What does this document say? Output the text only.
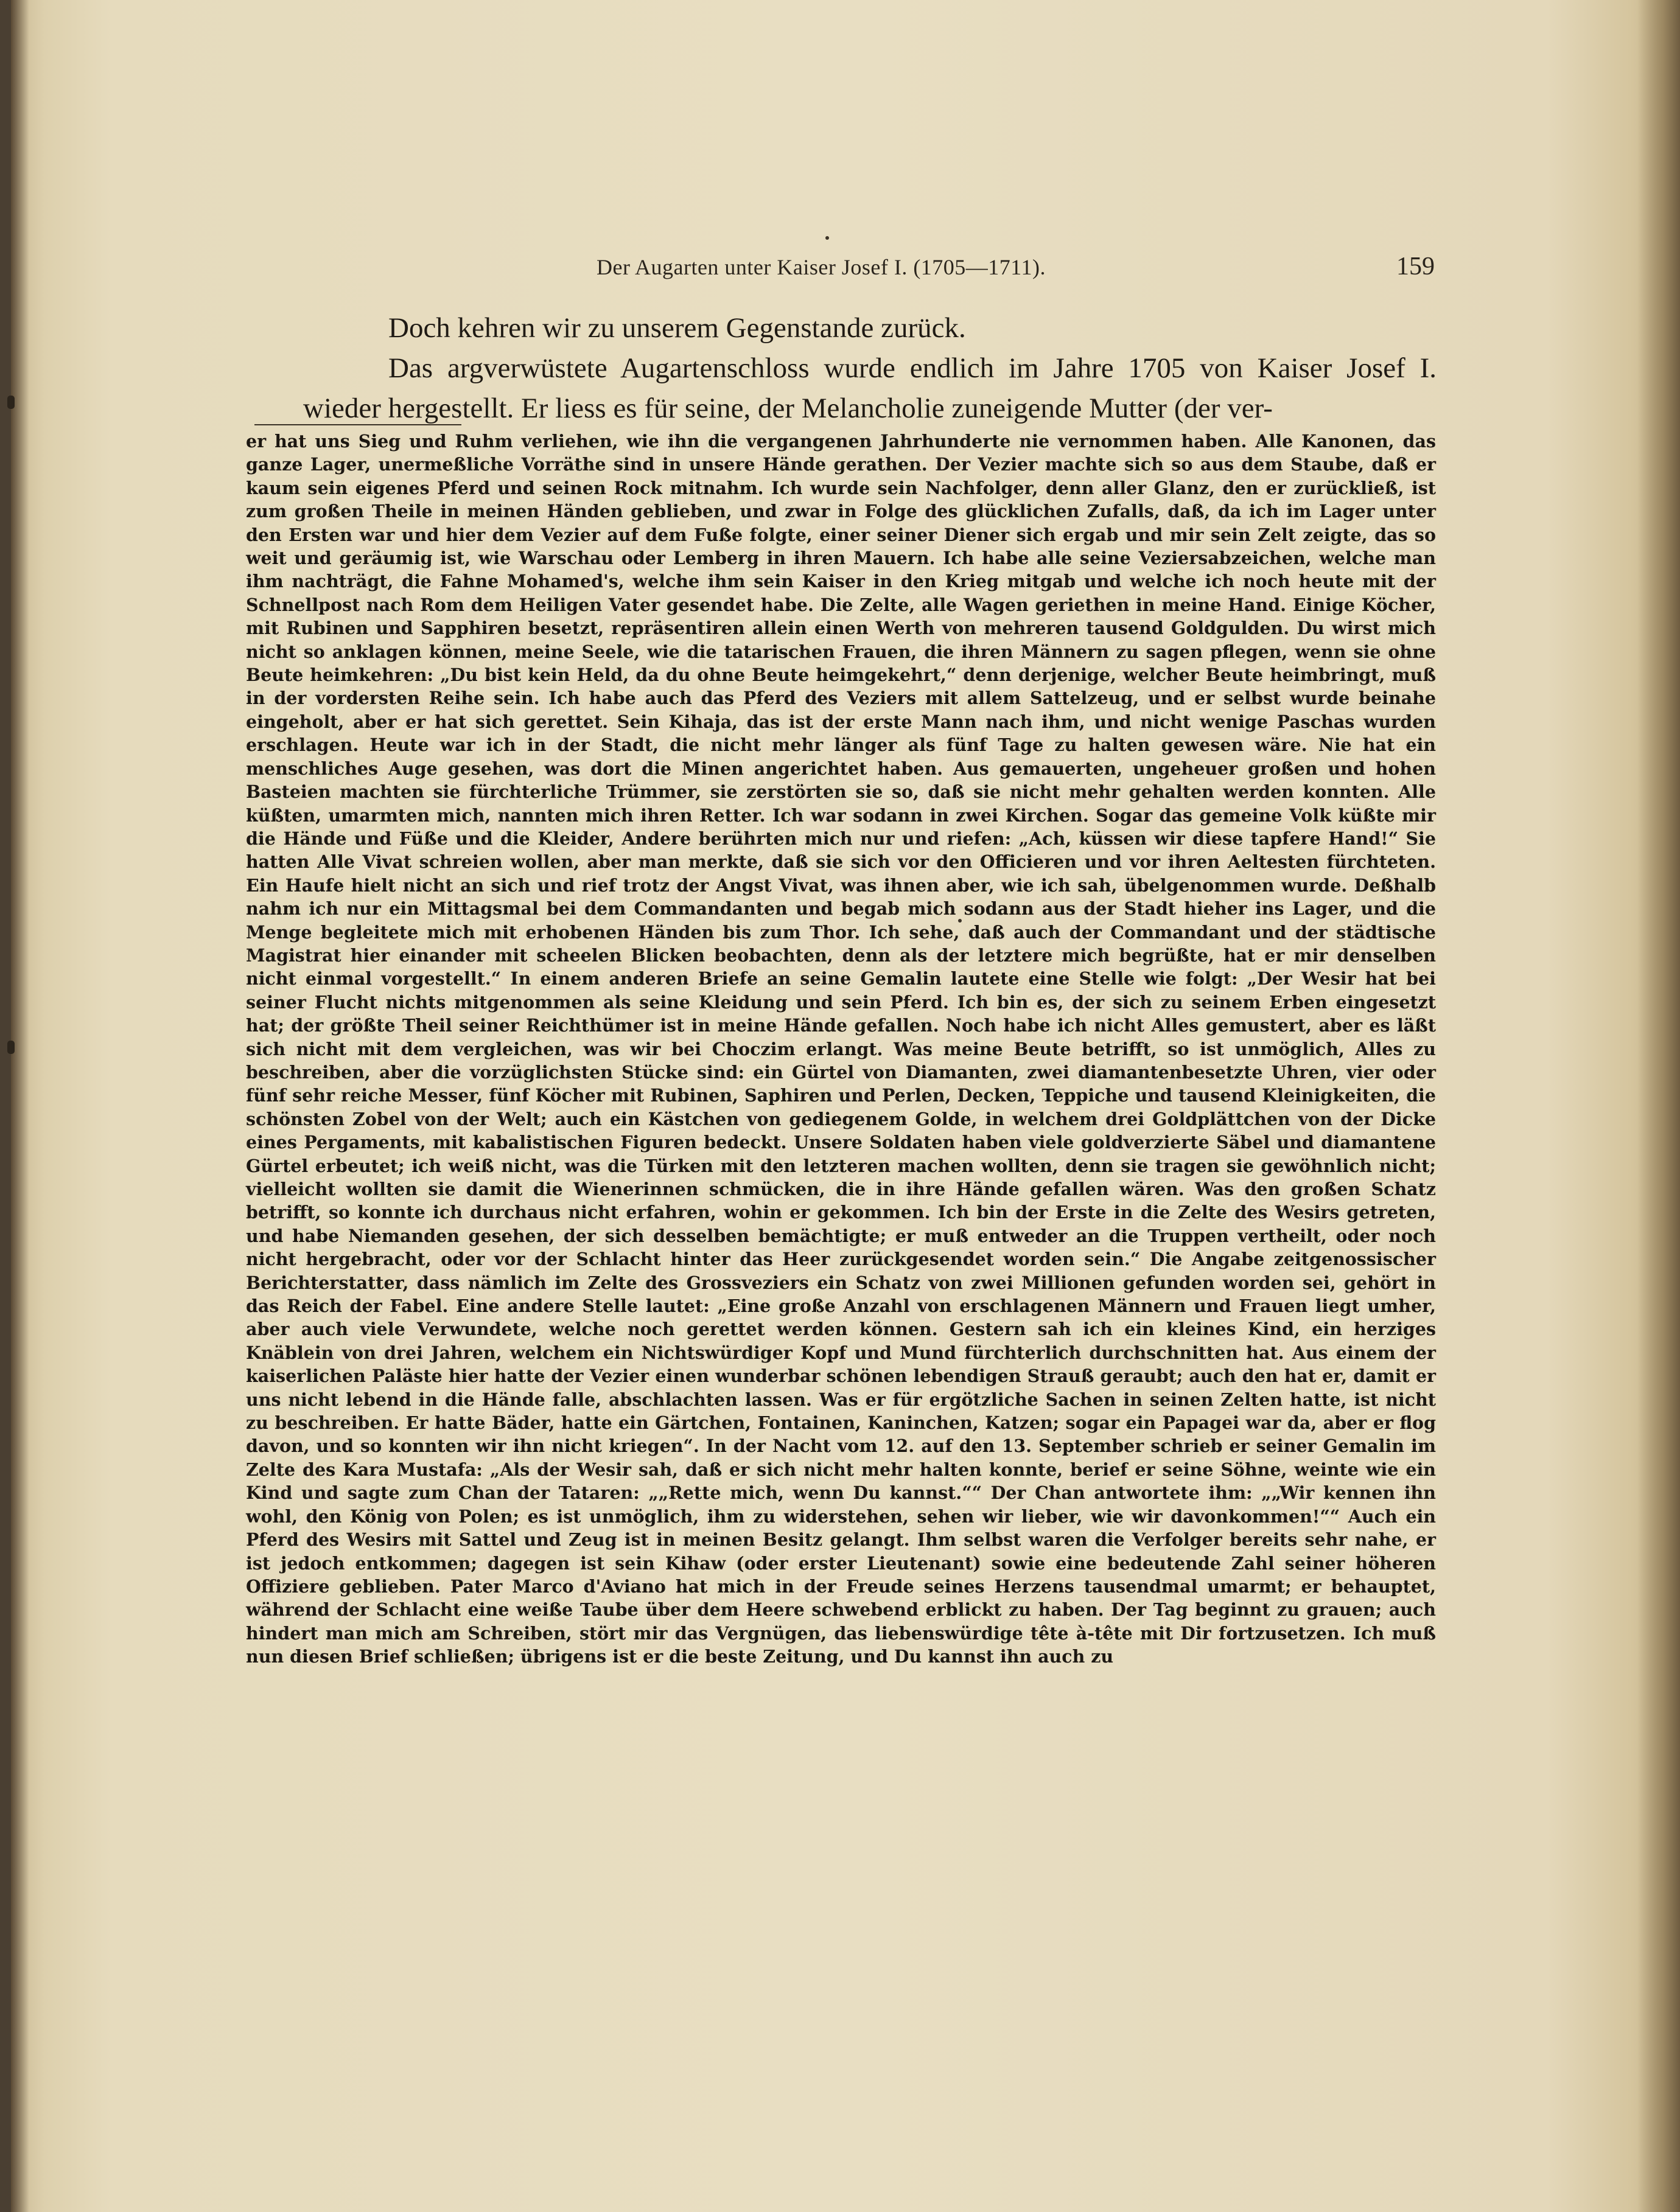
Der Augarten unter Kaiser Josef I. (1705—1711).	159

Doch kehren wir zu unserem Gegenstande zurück.

Das argverwüstete Augartenschloss wurde endlich im Jahre 1705 von Kaiser Josef I. wieder hergestellt. Er liess es für seine, der Melancholie zuneigende Mutter (der ver-

er hat uns Sieg und Ruhm verliehen, wie ihn die vergangenen Jahrhunderte nie vernommen haben. Alle Kanonen, das ganze Lager, unermeßliche Vorräthe sind in unsere Hände gerathen. Der Vezier machte sich so aus dem Staube, daß er kaum sein eigenes Pferd und seinen Rock mitnahm. Ich wurde sein Nachfolger, denn aller Glanz, den er zurückließ, ist zum großen Theile in meinen Händen geblieben, und zwar in Folge des glücklichen Zufalls, daß, da ich im Lager unter den Ersten war und hier dem Vezier auf dem Fuße folgte, einer seiner Diener sich ergab und mir sein Zelt zeigte, das so weit und geräumig ist, wie Warschau oder Lemberg in ihren Mauern. Ich habe alle seine Veziersabzeichen, welche man ihm nachträgt, die Fahne Mohamed's, welche ihm sein Kaiser in den Krieg mitgab und welche ich noch heute mit der Schnellpost nach Rom dem Heiligen Vater gesendet habe. Die Zelte, alle Wagen geriethen in meine Hand. Einige Köcher, mit Rubinen und Sapphiren besetzt, repräsentiren allein einen Werth von mehreren tausend Goldgulden. Du wirst mich nicht so anklagen können, meine Seele, wie die tatarischen Frauen, die ihren Männern zu sagen pflegen, wenn sie ohne Beute heimkehren: „Du bist kein Held, da du ohne Beute heimgekehrt,“ denn derjenige, welcher Beute heimbringt, muß in der vordersten Reihe sein. Ich habe auch das Pferd des Veziers mit allem Sattelzeug, und er selbst wurde beinahe eingeholt, aber er hat sich gerettet. Sein Kihaja, das ist der erste Mann nach ihm, und nicht wenige Paschas wurden erschlagen. Heute war ich in der Stadt, die nicht mehr länger als fünf Tage zu halten gewesen wäre. Nie hat ein menschliches Auge gesehen, was dort die Minen angerichtet haben. Aus gemauerten, ungeheuer großen und hohen Basteien machten sie fürchterliche Trümmer, sie zerstörten sie so, daß sie nicht mehr gehalten werden konnten. Alle küßten, umarmten mich, nannten mich ihren Retter. Ich war sodann in zwei Kirchen. Sogar das gemeine Volk küßte mir die Hände und Füße und die Kleider, Andere berührten mich nur und riefen: „Ach, küssen wir diese tapfere Hand!“ Sie hatten Alle Vivat schreien wollen, aber man merkte, daß sie sich vor den Officieren und vor ihren Aeltesten fürchteten. Ein Haufe hielt nicht an sich und rief trotz der Angst Vivat, was ihnen aber, wie ich sah, übelgenommen wurde. Deßhalb nahm ich nur ein Mittagsmal bei dem Commandanten und begab mich sodann aus der Stadt hieher ins Lager, und die Menge begleitete mich mit erhobenen Händen bis zum Thor. Ich sehe, daß auch der Commandant und der städtische Magistrat hier einander mit scheelen Blicken beobachten, denn als der letztere mich begrüßte, hat er mir denselben nicht einmal vorgestellt.“ In einem anderen Briefe an seine Gemalin lautete eine Stelle wie folgt: „Der Wesir hat bei seiner Flucht nichts mitgenommen als seine Kleidung und sein Pferd. Ich bin es, der sich zu seinem Erben eingesetzt hat; der größte Theil seiner Reichthümer ist in meine Hände gefallen. Noch habe ich nicht Alles gemustert, aber es läßt sich nicht mit dem vergleichen, was wir bei Choczim erlangt. Was meine Beute betrifft, so ist unmöglich, Alles zu beschreiben, aber die vorzüglichsten Stücke sind: ein Gürtel von Diamanten, zwei diamantenbesetzte Uhren, vier oder fünf sehr reiche Messer, fünf Köcher mit Rubinen, Saphiren und Perlen, Decken, Teppiche und tausend Kleinigkeiten, die schönsten Zobel von der Welt; auch ein Kästchen von gediegenem Golde, in welchem drei Goldplättchen von der Dicke eines Pergaments, mit kabalistischen Figuren bedeckt. Unsere Soldaten haben viele goldverzierte Säbel und diamantene Gürtel erbeutet; ich weiß nicht, was die Türken mit den letzteren machen wollten, denn sie tragen sie gewöhnlich nicht; vielleicht wollten sie damit die Wienerinnen schmücken, die in ihre Hände gefallen wären. Was den großen Schatz betrifft, so konnte ich durchaus nicht erfahren, wohin er gekommen. Ich bin der Erste in die Zelte des Wesirs getreten, und habe Niemanden gesehen, der sich desselben bemächtigte; er muß entweder an die Truppen vertheilt, oder noch nicht hergebracht, oder vor der Schlacht hinter das Heer zurückgesendet worden sein.“ Die Angabe zeitgenossischer Berichterstatter, dass nämlich im Zelte des Grossveziers ein Schatz von zwei Millionen gefunden worden sei, gehört in das Reich der Fabel. Eine andere Stelle lautet: „Eine große Anzahl von erschlagenen Männern und Frauen liegt umher, aber auch viele Verwundete, welche noch gerettet werden können. Gestern sah ich ein kleines Kind, ein herziges Knäblein von drei Jahren, welchem ein Nichtswürdiger Kopf und Mund fürchterlich durchschnitten hat. Aus einem der kaiserlichen Paläste hier hatte der Vezier einen wunderbar schönen lebendigen Strauß geraubt; auch den hat er, damit er uns nicht lebend in die Hände falle, abschlachten lassen. Was er für ergötzliche Sachen in seinen Zelten hatte, ist nicht zu beschreiben. Er hatte Bäder, hatte ein Gärtchen, Fontainen, Kaninchen, Katzen; sogar ein Papagei war da, aber er flog davon, und so konnten wir ihn nicht kriegen“. In der Nacht vom 12. auf den 13. September schrieb er seiner Gemalin im Zelte des Kara Mustafa: „Als der Wesir sah, daß er sich nicht mehr halten konnte, berief er seine Söhne, weinte wie ein Kind und sagte zum Chan der Tataren: „„Rette mich, wenn Du kannst.““ Der Chan antwortete ihm: „„Wir kennen ihn wohl, den König von Polen; es ist unmöglich, ihm zu widerstehen, sehen wir lieber, wie wir davonkommen!““ Auch ein Pferd des Wesirs mit Sattel und Zeug ist in meinen Besitz gelangt. Ihm selbst waren die Verfolger bereits sehr nahe, er ist jedoch entkommen; dagegen ist sein Kihaw (oder erster Lieutenant) sowie eine bedeutende Zahl seiner höheren Offiziere geblieben. Pater Marco d'Aviano hat mich in der Freude seines Herzens tausendmal umarmt; er behauptet, während der Schlacht eine weiße Taube über dem Heere schwebend erblickt zu haben. Der Tag beginnt zu grauen; auch hindert man mich am Schreiben, stört mir das Vergnügen, das liebenswürdige tête à-tête mit Dir fortzusetzen. Ich muß nun diesen Brief schließen; übrigens ist er die beste Zeitung, und Du kannst ihn auch zu
